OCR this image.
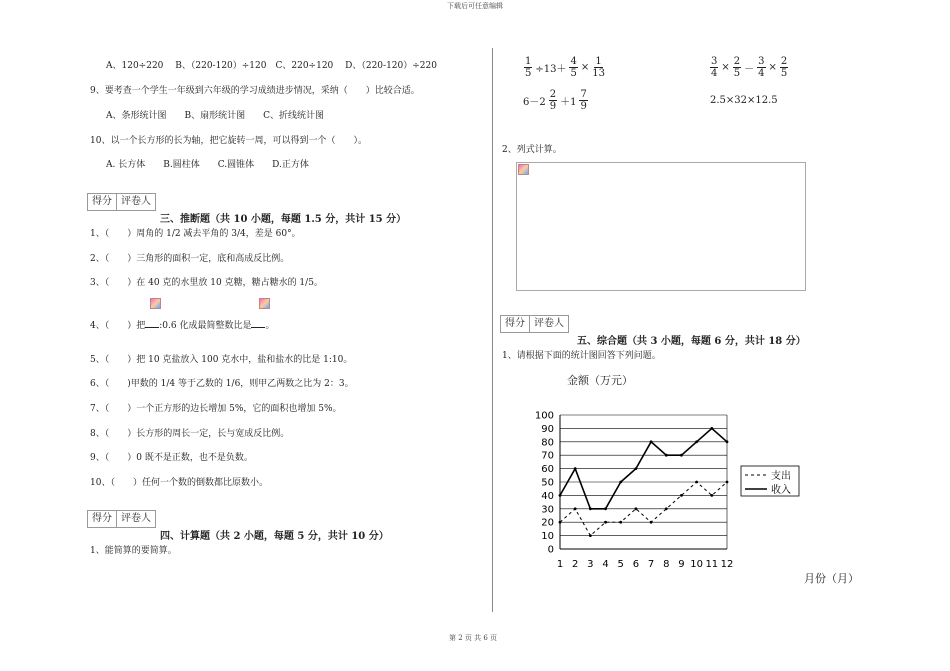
下载后可任意编辑
第 2 页 共 6 页
A、120÷220　 B、（220-120）÷120　C、220÷120　 D、（220-120）÷220
9、要考查一个学生一年级到六年级的学习成绩进步情况，采纳（　　）比较合适。
A、条形统计图　　B、扇形统计图　　C、折线统计图
10、以一个长方形的长为轴，把它旋转一周，可以得到一个（　　）。
A. 长方体　　B.圆柱体　　C.圆锥体　　D.正方体
得分 评卷人
三、推断题（共 10 小题，每题 1.5 分，共计 15 分）
1、（　　）周角的 1/2 减去平角的 3/4，差是 60°。
2、（　　）三角形的面积一定，底和高成反比例。
3、（　　）在 40 克的水里放 10 克糖，糖占糖水的 1/5。
4、（　　）把 :0.6 化成最简整数比是 。
5、（　　）把 10 克盐放入 100 克水中，盐和盐水的比是 1:10。
6、（　　)甲数的 1/4 等于乙数的 1/6，则甲乙两数之比为 2：3。
7、（　　）一个正方形的边长增加 5%，它的面积也增加 5%。
8、（　　）长方形的周长一定，长与宽成反比例。
9、（　　）0 既不是正数，也不是负数。
10、（　　）任何一个数的倒数都比原数小。
得分 评卷人
四、计算题（共 2 小题，每题 5 分，共计 10 分）
1、能简算的要简算。
$\frac{1}{5} \div 13+ \frac{4}{5} \times \frac{1}{13}$	$\frac{3}{4} \times \frac{2}{5} - \frac{3}{4} \times \frac{2}{5}$
$6-2 \frac{2}{9} +1 \frac{7}{9}$	2.5×32×12.5
2、列式计算。
得分 评卷人
五、综合题（共 3 小题，每题 6 分，共计 18 分）
1、请根据下面的统计图回答下列问题。
金额（万元）
月份（月）
0
10
20
30
40
50
60
70
80
90
100
1 2 3 4 5 6 7 8 9 10 11 12
支出
收入
